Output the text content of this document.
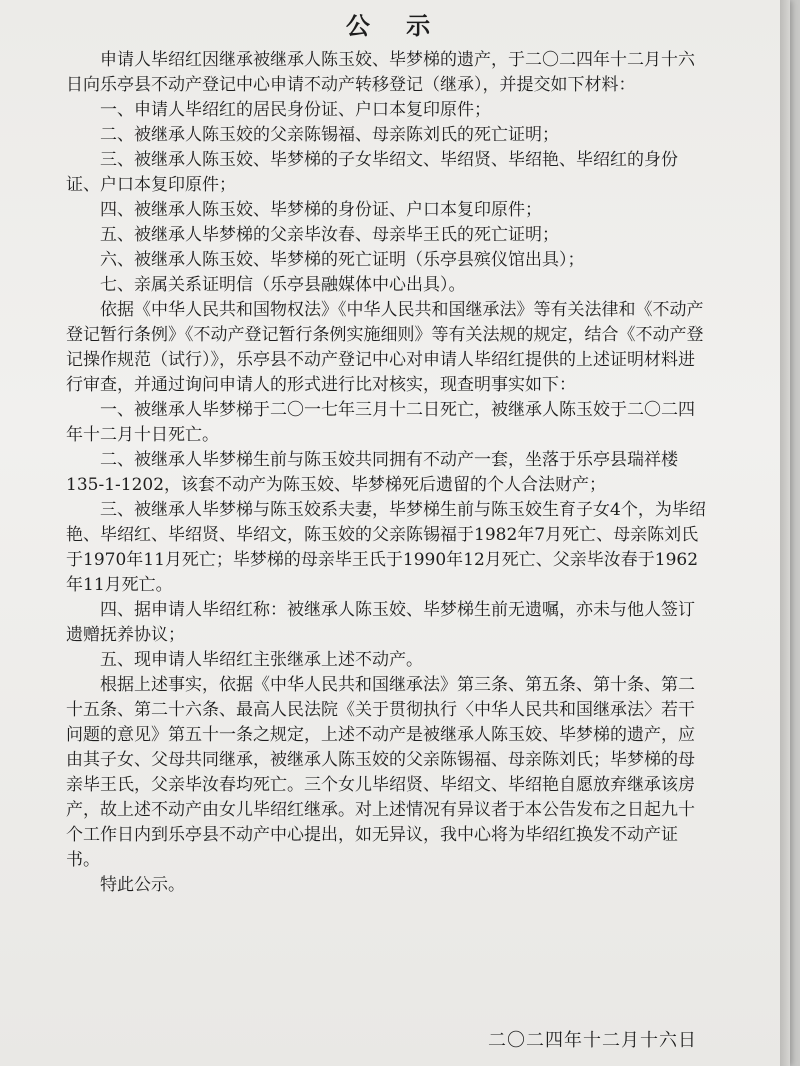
公 示

申请人毕绍红因继承被继承人陈玉姣、毕梦梯的遗产，于二〇二四年十二月十六日向乐亭县不动产登记中心申请不动产转移登记（继承），并提交如下材料：

一、申请人毕绍红的居民身份证、户口本复印原件；

二、被继承人陈玉姣的父亲陈锡福、母亲陈刘氏的死亡证明；

三、被继承人陈玉姣、毕梦梯的子女毕绍文、毕绍贤、毕绍艳、毕绍红的身份证、户口本复印原件；

四、被继承人陈玉姣、毕梦梯的身份证、户口本复印原件；

五、被继承人毕梦梯的父亲毕汝春、母亲毕王氏的死亡证明；

六、被继承人陈玉姣、毕梦梯的死亡证明（乐亭县殡仪馆出具）；

七、亲属关系证明信（乐亭县融媒体中心出具）。

依据《中华人民共和国物权法》《中华人民共和国继承法》等有关法律和《不动产登记暂行条例》《不动产登记暂行条例实施细则》等有关法规的规定，结合《不动产登记操作规范（试行）》，乐亭县不动产登记中心对申请人毕绍红提供的上述证明材料进行审查，并通过询问申请人的形式进行比对核实，现查明事实如下：

一、被继承人毕梦梯于二〇一七年三月十二日死亡，被继承人陈玉姣于二〇二四年十二月十日死亡。

二、被继承人毕梦梯生前与陈玉姣共同拥有不动产一套，坐落于乐亭县瑞祥楼135-1-1202，该套不动产为陈玉姣、毕梦梯死后遗留的个人合法财产；

三、被继承人毕梦梯与陈玉姣系夫妻，毕梦梯生前与陈玉姣生育子女4个，为毕绍艳、毕绍红、毕绍贤、毕绍文，陈玉姣的父亲陈锡福于1982年7月死亡、母亲陈刘氏于1970年11月死亡；毕梦梯的母亲毕王氏于1990年12月死亡、父亲毕汝春于1962年11月死亡。

四、据申请人毕绍红称：被继承人陈玉姣、毕梦梯生前无遗嘱，亦未与他人签订遗赠抚养协议；

五、现申请人毕绍红主张继承上述不动产。

根据上述事实，依据《中华人民共和国继承法》第三条、第五条、第十条、第二十五条、第二十六条、最高人民法院《关于贯彻执行〈中华人民共和国继承法〉若干问题的意见》第五十一条之规定，上述不动产是被继承人陈玉姣、毕梦梯的遗产，应由其子女、父母共同继承，被继承人陈玉姣的父亲陈锡福、母亲陈刘氏；毕梦梯的母亲毕王氏，父亲毕汝春均死亡。三个女儿毕绍贤、毕绍文、毕绍艳自愿放弃继承该房产，故上述不动产由女儿毕绍红继承。对上述情况有异议者于本公告发布之日起九十个工作日内到乐亭县不动产中心提出，如无异议，我中心将为毕绍红换发不动产证书。

特此公示。

二〇二四年十二月十六日
